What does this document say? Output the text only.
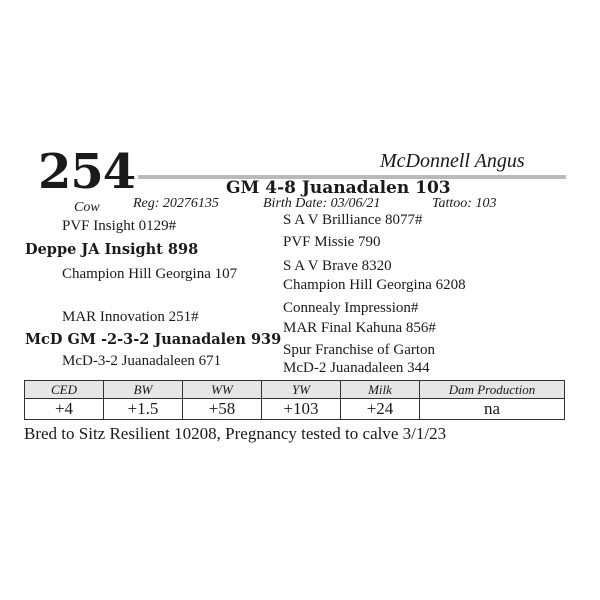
254	McDonnell Angus
GM 4-8 Juanadalen 103
Cow Reg: 20276135	Birth Date: 03/06/21	Tattoo: 103
PVF Insight 0129#
Deppe JA Insight 898
Champion Hill Georgina 107
MAR Innovation 251#
McD GM -2-3-2 Juanadalen 939
McD-3-2 Juanadaleen 671
S A V Brilliance 8077#
PVF Missie 790
S A V Brave 8320
Champion Hill Georgina 6208
Connealy Impression#
MAR Final Kahuna 856#
Spur Franchise of Garton
McD-2 Juanadaleen 344
CED	BW	WW	YW	Milk	Dam Production
+4	+1.5	+58	+103	+24	na
Bred to Sitz Resilient 10208, Pregnancy tested to calve 3/1/23
